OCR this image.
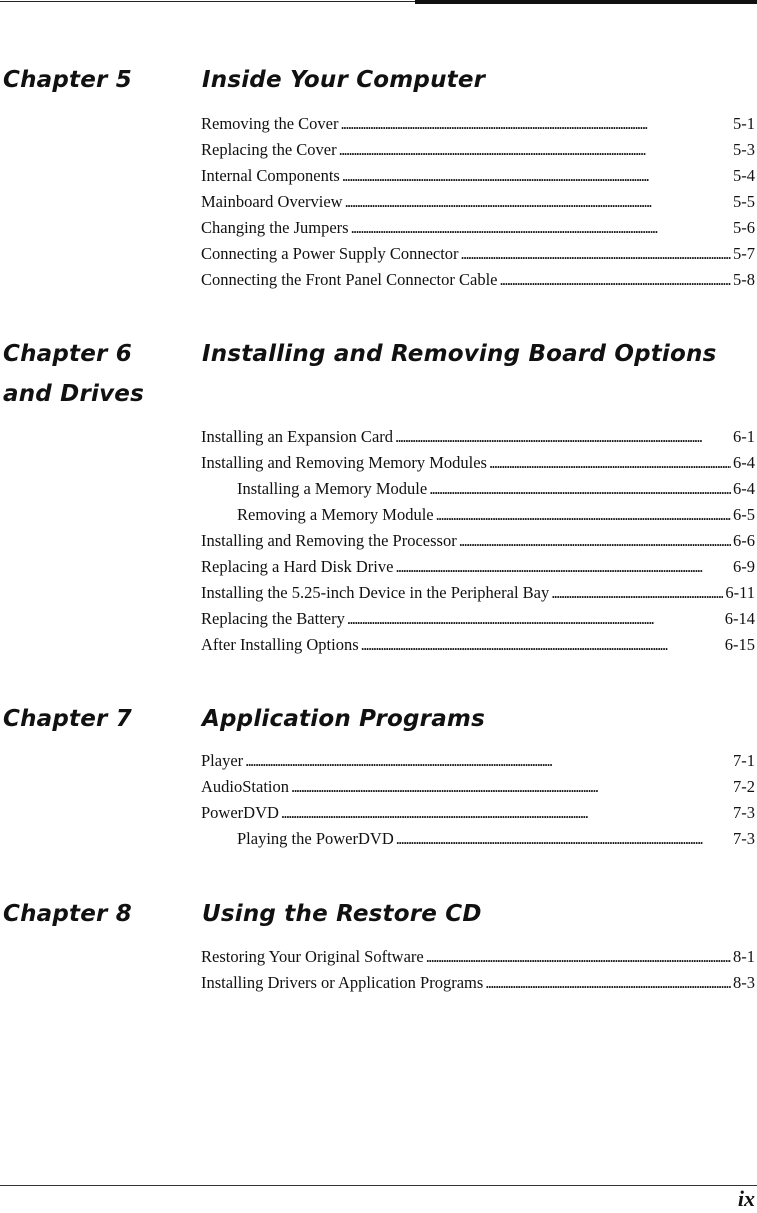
Chapter 5	Inside Your Computer
Removing the Cover . . .	5-1
Replacing the Cover . . .	5-3
Internal Components . . .	5-4
Mainboard Overview . . .	5-5
Changing the Jumpers . . .	5-6
Connecting a Power Supply Connector . . .	5-7
Connecting the Front Panel Connector Cable . . .	5-8
Chapter 6	Installing and Removing Board Options
and Drives
Installing an Expansion Card . . .	6-1
Installing and Removing Memory Modules . . .	6-4
Installing a Memory Module . . .	6-4
Removing a Memory Module . . .	6-5
Installing and Removing the Processor . . .	6-6
Replacing a Hard Disk Drive . . .	6-9
Installing the 5.25-inch Device in the Peripheral Bay . . .	6-11
Replacing the Battery . . .	6-14
After Installing Options . . .	6-15
Chapter 7	Application Programs
Player . . .	7-1
AudioStation . . .	7-2
PowerDVD . . .	7-3
Playing the PowerDVD . . .	7-3
Chapter 8	Using the Restore CD
Restoring Your Original Software . . .	8-1
Installing Drivers or Application Programs . . .	8-3
ix
